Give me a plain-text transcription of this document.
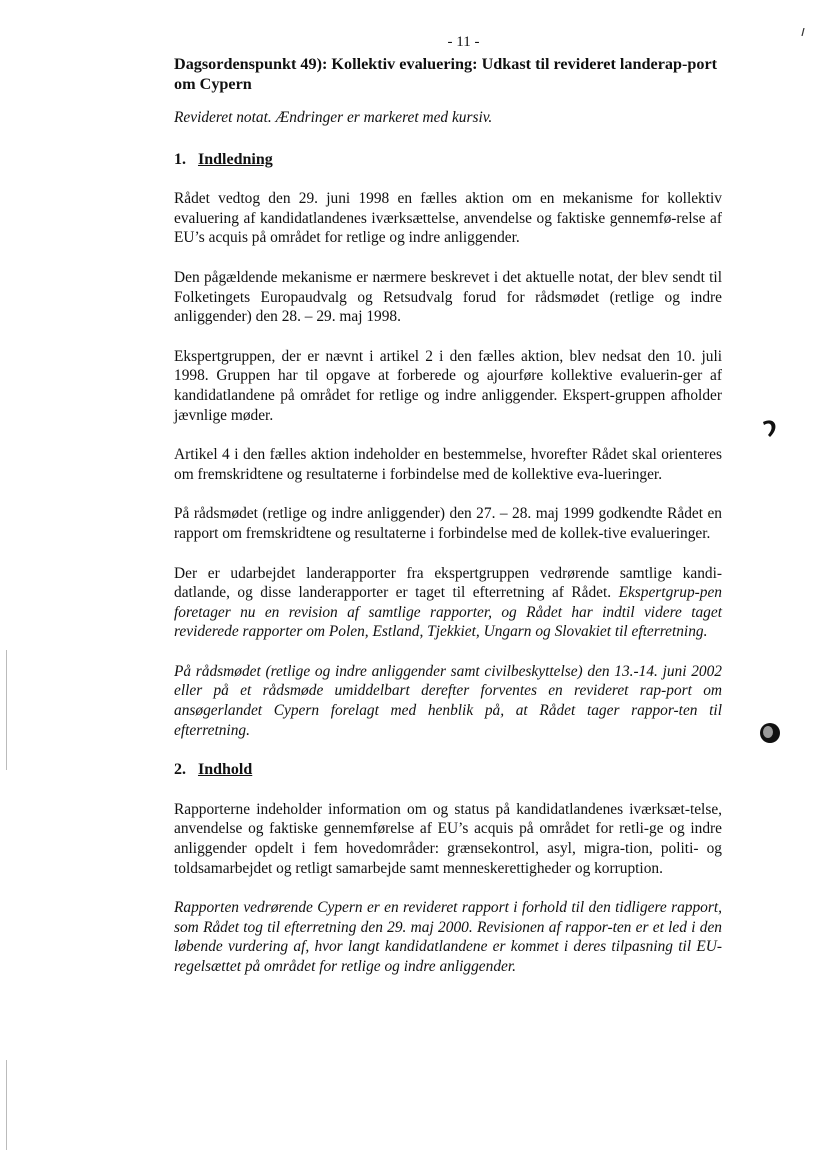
- 11 -
Dagsordenspunkt 49): Kollektiv evaluering: Udkast til revideret landerap-port om Cypern
Revideret notat. Ændringer er markeret med kursiv.
1. Indledning

Rådet vedtog den 29. juni 1998 en fælles aktion om en mekanisme for kollektiv evaluering af kandidatlandenes iværksættelse, anvendelse og faktiske gennemfø-relse af EU’s acquis på området for retlige og indre anliggender.

Den pågældende mekanisme er nærmere beskrevet i det aktuelle notat, der blev sendt til Folketingets Europaudvalg og Retsudvalg forud for rådsmødet (retlige og indre anliggender) den 28. – 29. maj 1998.

Ekspertgruppen, der er nævnt i artikel 2 i den fælles aktion, blev nedsat den 10. juli 1998. Gruppen har til opgave at forberede og ajourføre kollektive evaluerin-ger af kandidatlandene på området for retlige og indre anliggender. Ekspert-gruppen afholder jævnlige møder.

Artikel 4 i den fælles aktion indeholder en bestemmelse, hvorefter Rådet skal orienteres om fremskridtene og resultaterne i forbindelse med de kollektive eva-lueringer.

På rådsmødet (retlige og indre anliggender) den 27. – 28. maj 1999 godkendte Rådet en rapport om fremskridtene og resultaterne i forbindelse med de kollek-tive evalueringer.

Der er udarbejdet landerapporter fra ekspertgruppen vedrørende samtlige kandi-datlande, og disse landerapporter er taget til efterretning af Rådet. Ekspertgrup-pen foretager nu en revision af samtlige rapporter, og Rådet har indtil videre taget reviderede rapporter om Polen, Estland, Tjekkiet, Ungarn og Slovakiet til efterretning.

På rådsmødet (retlige og indre anliggender samt civilbeskyttelse) den 13.-14. juni 2002 eller på et rådsmøde umiddelbart derefter forventes en revideret rap-port om ansøgerlandet Cypern forelagt med henblik på, at Rådet tager rappor-ten til efterretning.

2. Indhold

Rapporterne indeholder information om og status på kandidatlandenes iværksæt-telse, anvendelse og faktiske gennemførelse af EU’s acquis på området for retli-ge og indre anliggender opdelt i fem hovedområder: grænsekontrol, asyl, migra-tion, politi- og toldsamarbejdet og retligt samarbejde samt menneskerettigheder og korruption.

Rapporten vedrørende Cypern er en revideret rapport i forhold til den tidligere rapport, som Rådet tog til efterretning den 29. maj 2000. Revisionen af rappor-ten er et led i den løbende vurdering af, hvor langt kandidatlandene er kommet i deres tilpasning til EU-regelsættet på området for retlige og indre anliggender.
